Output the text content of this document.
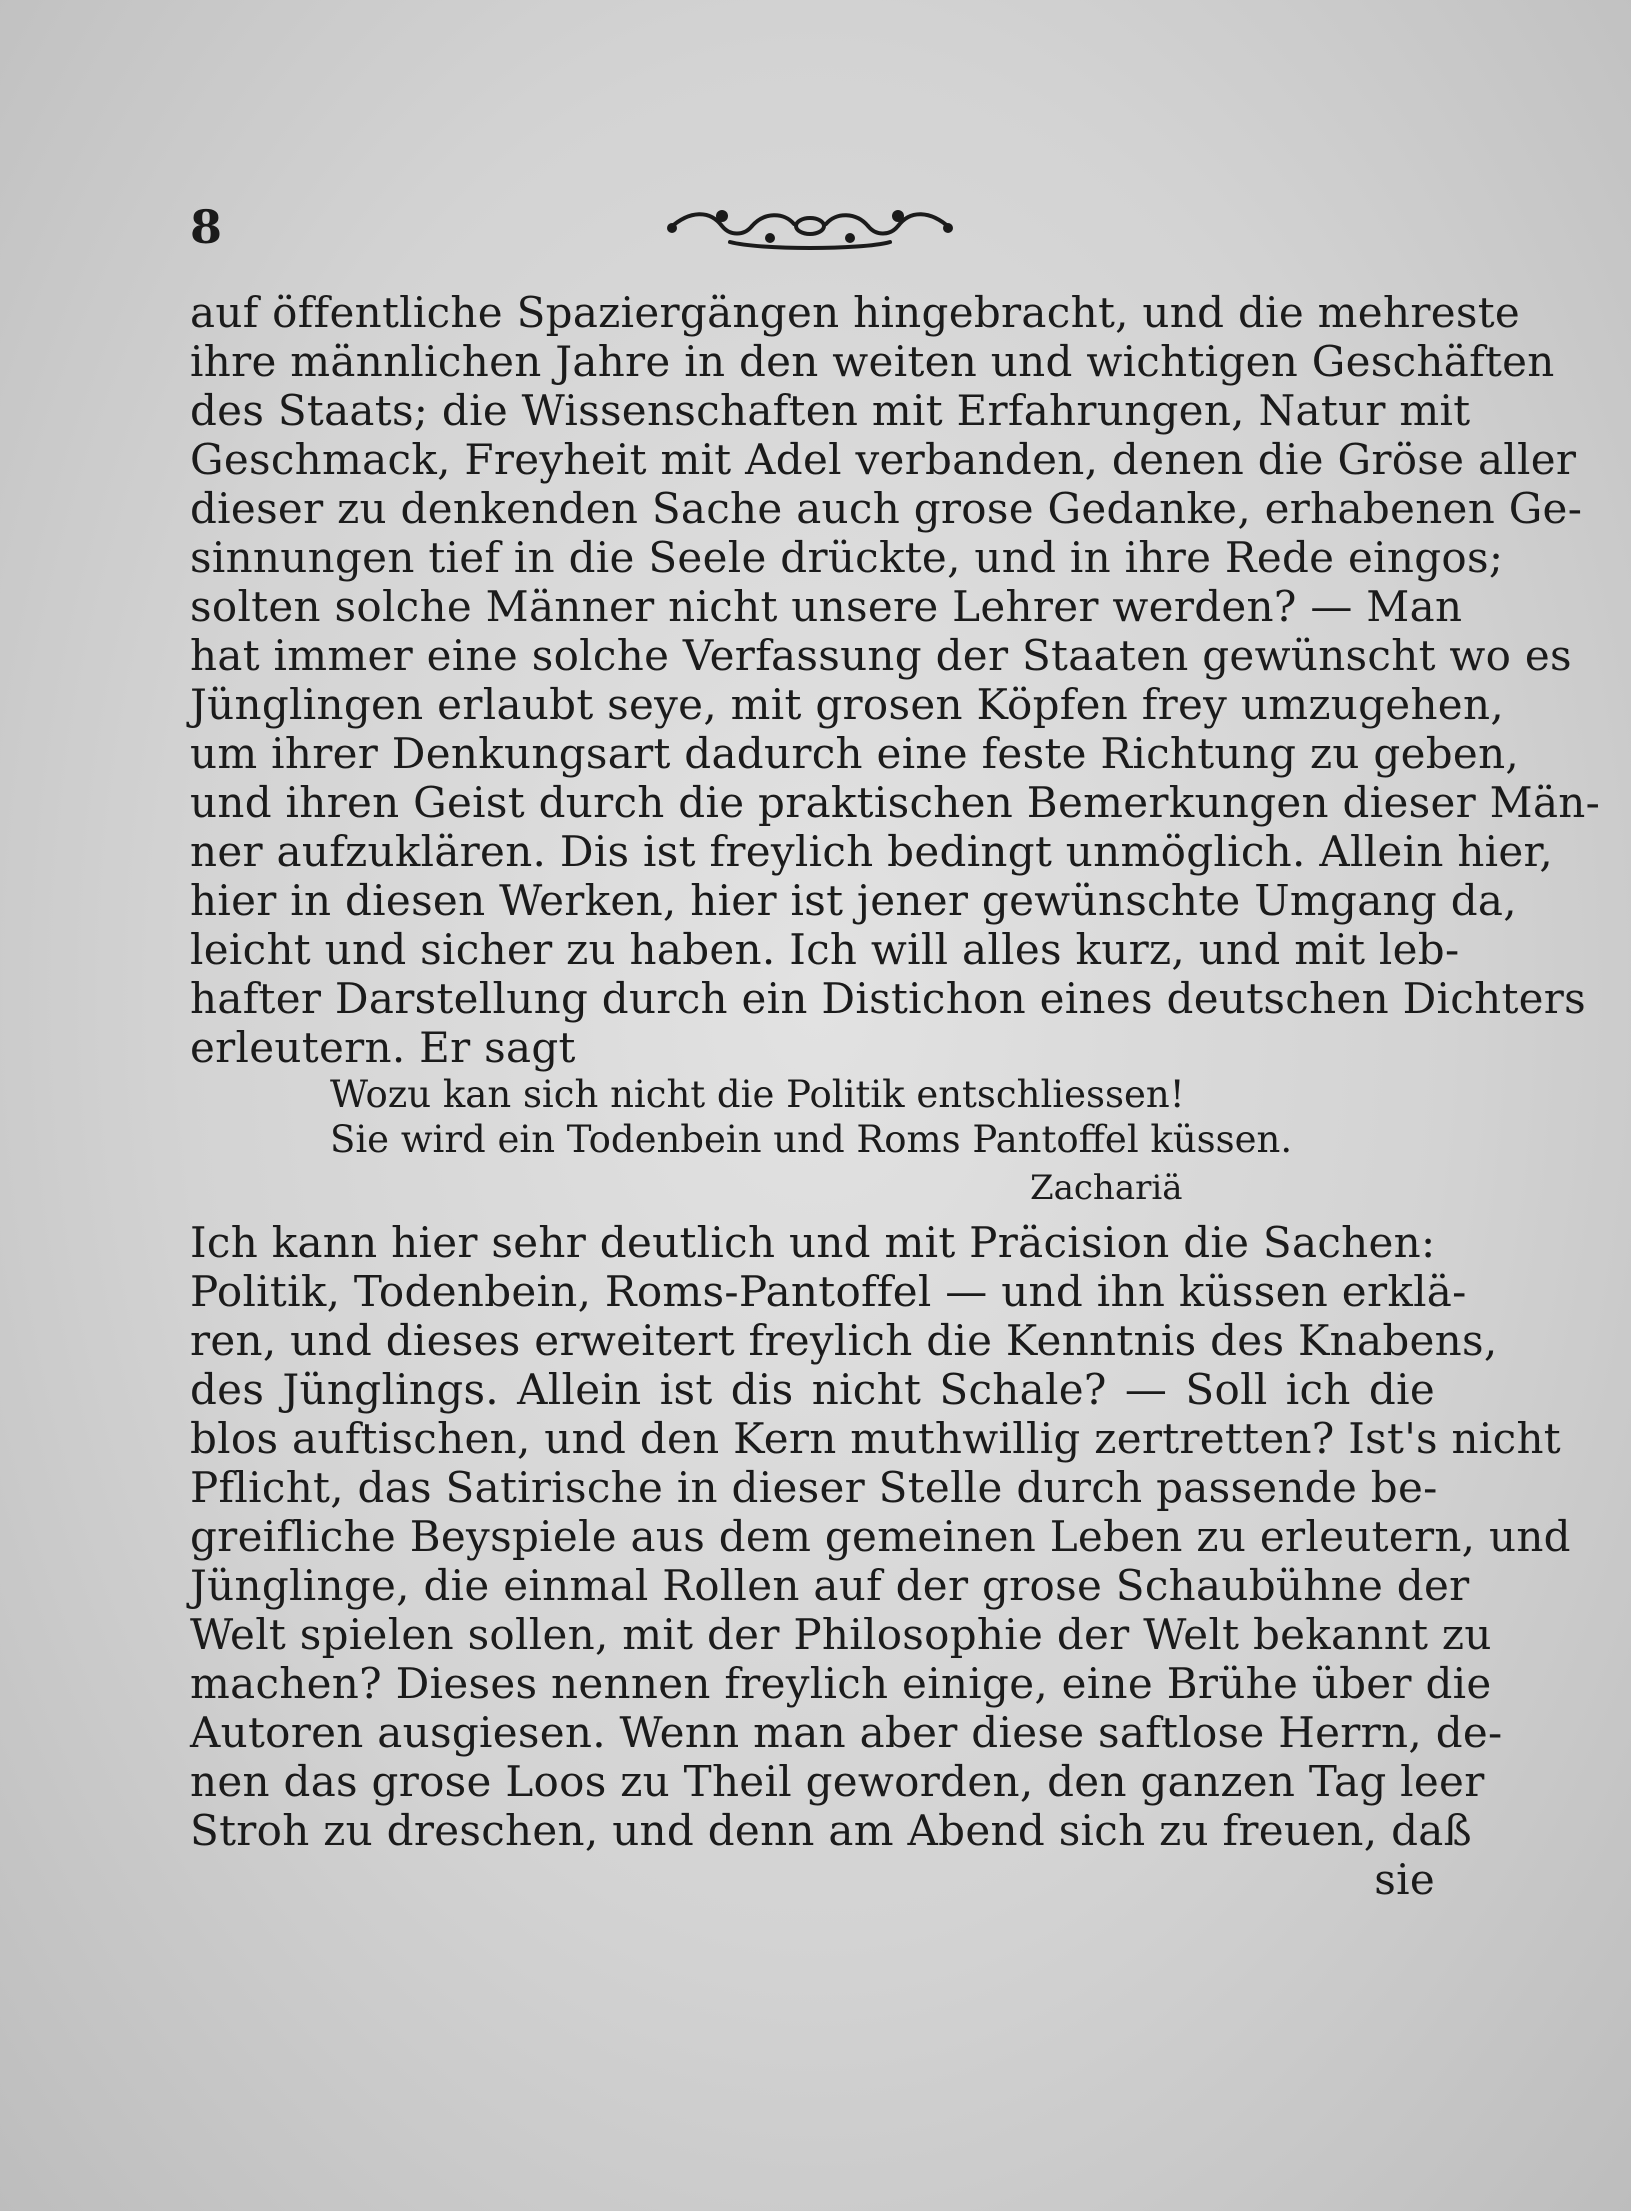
8
auf öffentliche Spaziergängen hingebracht, und die mehreste
ihre männlichen Jahre in den weiten und wichtigen Geschäften
des Staats; die Wissenschaften mit Erfahrungen, Natur mit
Geschmack, Freyheit mit Adel verbanden, denen die Gröse aller
dieser zu denkenden Sache auch grose Gedanke, erhabenen Ge-
sinnungen tief in die Seele drückte, und in ihre Rede eingos;
solten solche Männer nicht unsere Lehrer werden? — Man
hat immer eine solche Verfassung der Staaten gewünscht wo es
Jünglingen erlaubt seye, mit grosen Köpfen frey umzugehen,
um ihrer Denkungsart dadurch eine feste Richtung zu geben,
und ihren Geist durch die praktischen Bemerkungen dieser Män-
ner aufzuklären. Dis ist freylich bedingt unmöglich. Allein hier,
hier in diesen Werken, hier ist jener gewünschte Umgang da,
leicht und sicher zu haben. Ich will alles kurz, und mit leb-
hafter Darstellung durch ein Distichon eines deutschen Dichters
erleutern. Er sagt
Wozu kan sich nicht die Politik entschliessen!
Sie wird ein Todenbein und Roms Pantoffel küssen.
Zachariä
Ich kann hier sehr deutlich und mit Präcision die Sachen:
Politik, Todenbein, Roms-Pantoffel — und ihn küssen erklä-
ren, und dieses erweitert freylich die Kenntnis des Knabens,
des Jünglings. Allein ist dis nicht Schale? — Soll ich die
blos auftischen, und den Kern muthwillig zertretten? Ist's nicht
Pflicht, das Satirische in dieser Stelle durch passende be-
greifliche Beyspiele aus dem gemeinen Leben zu erleutern, und
Jünglinge, die einmal Rollen auf der grose Schaubühne der
Welt spielen sollen, mit der Philosophie der Welt bekannt zu
machen? Dieses nennen freylich einige, eine Brühe über die
Autoren ausgiesen. Wenn man aber diese saftlose Herrn, de-
nen das grose Loos zu Theil geworden, den ganzen Tag leer
Stroh zu dreschen, und denn am Abend sich zu freuen, daß
sie
